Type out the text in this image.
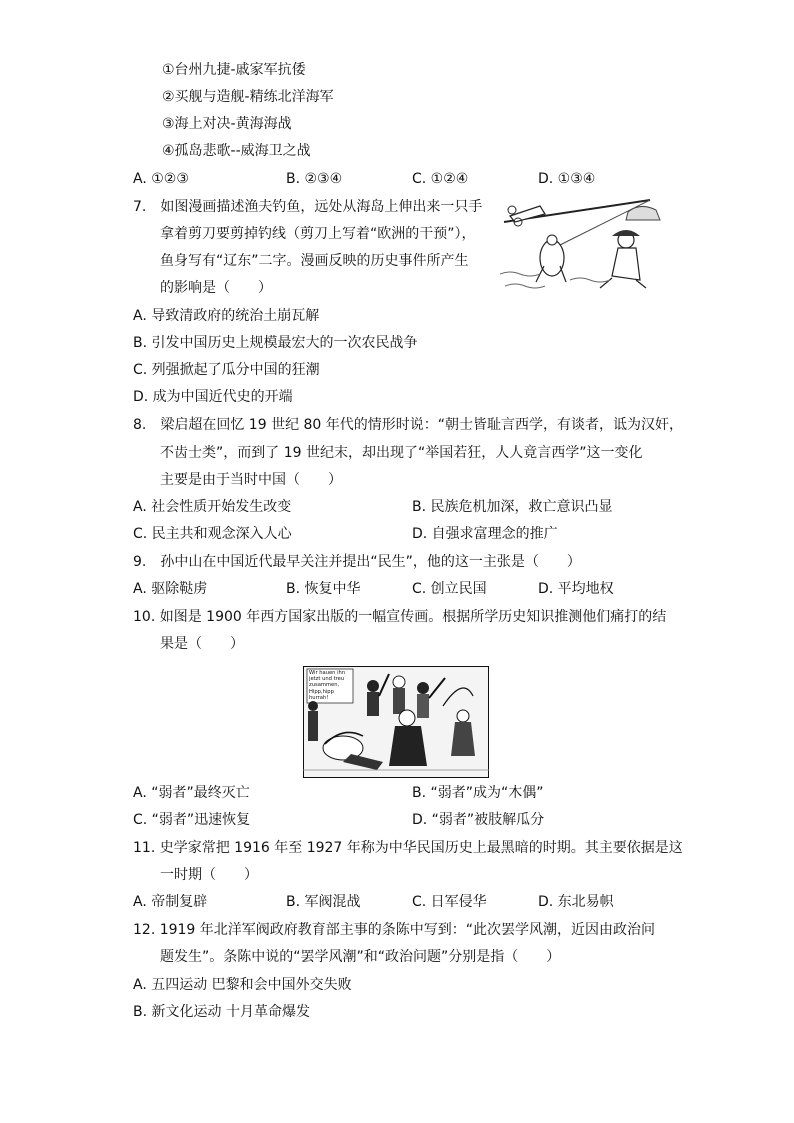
①台州九捷-戚家军抗倭
②买舰与造舰-精练北洋海军
③海上对决-黄海海战
④孤岛悲歌--威海卫之战
A. ①②③	B. ②③④	C. ①②④	D. ①③④
7.　如图漫画描述渔夫钓鱼，远处从海岛上伸出来一只手
拿着剪刀要剪掉钓线（剪刀上写着“欧洲的干预”），
鱼身写有“辽东”二字。漫画反映的历史事件所产生
的影响是（　　）
A. 导致清政府的统治土崩瓦解
B. 引发中国历史上规模最宏大的一次农民战争
C. 列强掀起了瓜分中国的狂潮
D. 成为中国近代史的开端
8.　梁启超在回忆 19 世纪 80 年代的情形时说：“朝士皆耻言西学，有谈者，诋为汉奸，
不齿士类”，而到了 19 世纪末，却出现了“举国若狂，人人竟言西学”这一变化
主要是由于当时中国（　　）
A. 社会性质开始发生改变	B. 民族危机加深，救亡意识凸显
C. 民主共和观念深入人心	D. 自强求富理念的推广
9.　孙中山在中国近代最早关注并提出“民生”，他的这一主张是（　　）
A. 驱除鞑虏	B. 恢复中华	C. 创立民国	D. 平均地权
10. 如图是 1900 年西方国家出版的一幅宣传画。根据所学历史知识推测他们痛打的结
果是（　　）
Wir hauen ihn jetzt und treu zusammen, Hipp,hipp hurrah!
A. “弱者”最终灭亡	B. “弱者”成为“木偶”
C. “弱者”迅速恢复	D. “弱者”被肢解瓜分
11. 史学家常把 1916 年至 1927 年称为中华民国历史上最黑暗的时期。其主要依据是这
一时期（　　）
A. 帝制复辟	B. 军阀混战	C. 日军侵华	D. 东北易帜
12. 1919 年北洋军阀政府教育部主事的条陈中写到：“此次罢学风潮，近因由政治问
题发生”。条陈中说的“罢学风潮”和“政治问题”分别是指（　　）
A. 五四运动 巴黎和会中国外交失败
B. 新文化运动 十月革命爆发
